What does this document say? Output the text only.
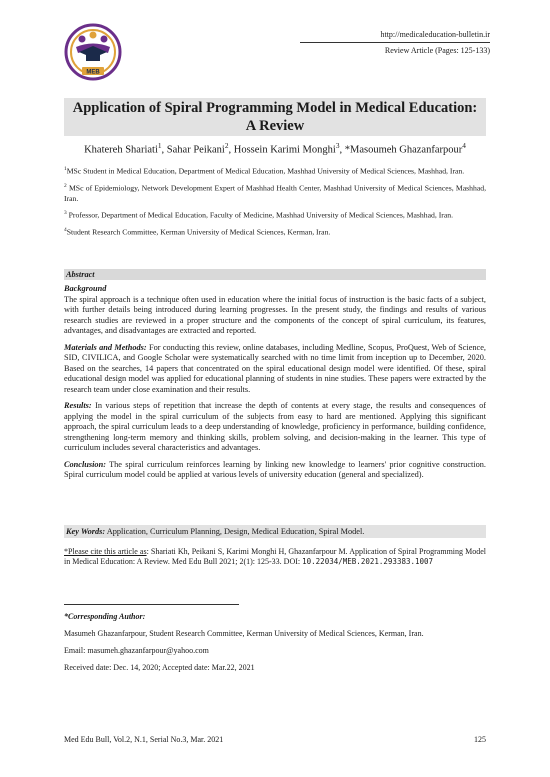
MEB
http://medicaleducation-bulletin.ir
Review Article (Pages: 125-133)
Application of Spiral Programming Model in Medical Education:
A Review
Khatereh Shariati$^1$, Sahar Peikani$^2$, Hossein Karimi Monghi$^3$, *Masoumeh Ghazanfarpour$^4$

$^1$MSc Student in Medical Education, Department of Medical Education, Mashhad University of Medical Sciences, Mashhad, Iran.

$^2$ MSc of Epidemiology, Network Development Expert of Mashhad Health Center, Mashhad University of Medical Sciences, Mashhad, Iran.

$^3$ Professor, Department of Medical Education, Faculty of Medicine, Mashhad University of Medical Sciences, Mashhad, Iran.

$^4$Student Research Committee, Kerman University of Medical Sciences, Kerman, Iran.

Abstract

Background
The spiral approach is a technique often used in education where the initial focus of instruction is the basic facts of a subject, with further details being introduced during learning progresses. In the present study, the findings and results of various research studies are reviewed in a proper structure and the components of the concept of spiral curriculum, its features, advantages, and disadvantages are extracted and reported.

Materials and Methods: For conducting this review, online databases, including Medline, Scopus, ProQuest, Web of Science, SID, CIVILICA, and Google Scholar were systematically searched with no time limit from inception up to December, 2020. Based on the searches, 14 papers that concentrated on the spiral educational design model were identified. Of these, spiral educational design model was applied for educational planning of students in nine studies. These papers were extracted by the research team under close examination and their results.

Results: In various steps of repetition that increase the depth of contents at every stage, the results and consequences of applying the model in the spiral curriculum of the subjects from easy to hard are mentioned. Applying this significant approach, the spiral curriculum leads to a deep understanding of knowledge, proficiency in performance, building confidence, strengthening long-term memory and thinking skills, problem solving, and decision-making in the learner. This type of curriculum includes several characteristics and advantages.

Conclusion: The spiral curriculum reinforces learning by linking new knowledge to learners' prior cognitive construction. Spiral curriculum model could be applied at various levels of university education (general and specialized).

Key Words: Application, Curriculum Planning, Design, Medical Education, Spiral Model.
*Please cite this article as: Shariati Kh, Peikani S, Karimi Monghi H, Ghazanfarpour M. Application of Spiral Programming Model in Medical Education: A Review. Med Edu Bull 2021; 2(1): 125-33. DOI: 10.22034/MEB.2021.293383.1007

*Corresponding Author:

Masumeh Ghazanfarpour, Student Research Committee, Kerman University of Medical Sciences, Kerman, Iran.

Email: masumeh.ghazanfarpour@yahoo.com

Received date: Dec. 14, 2020; Accepted date: Mar.22, 2021

Med Edu Bull, Vol.2, N.1, Serial No.3, Mar. 2021	125
